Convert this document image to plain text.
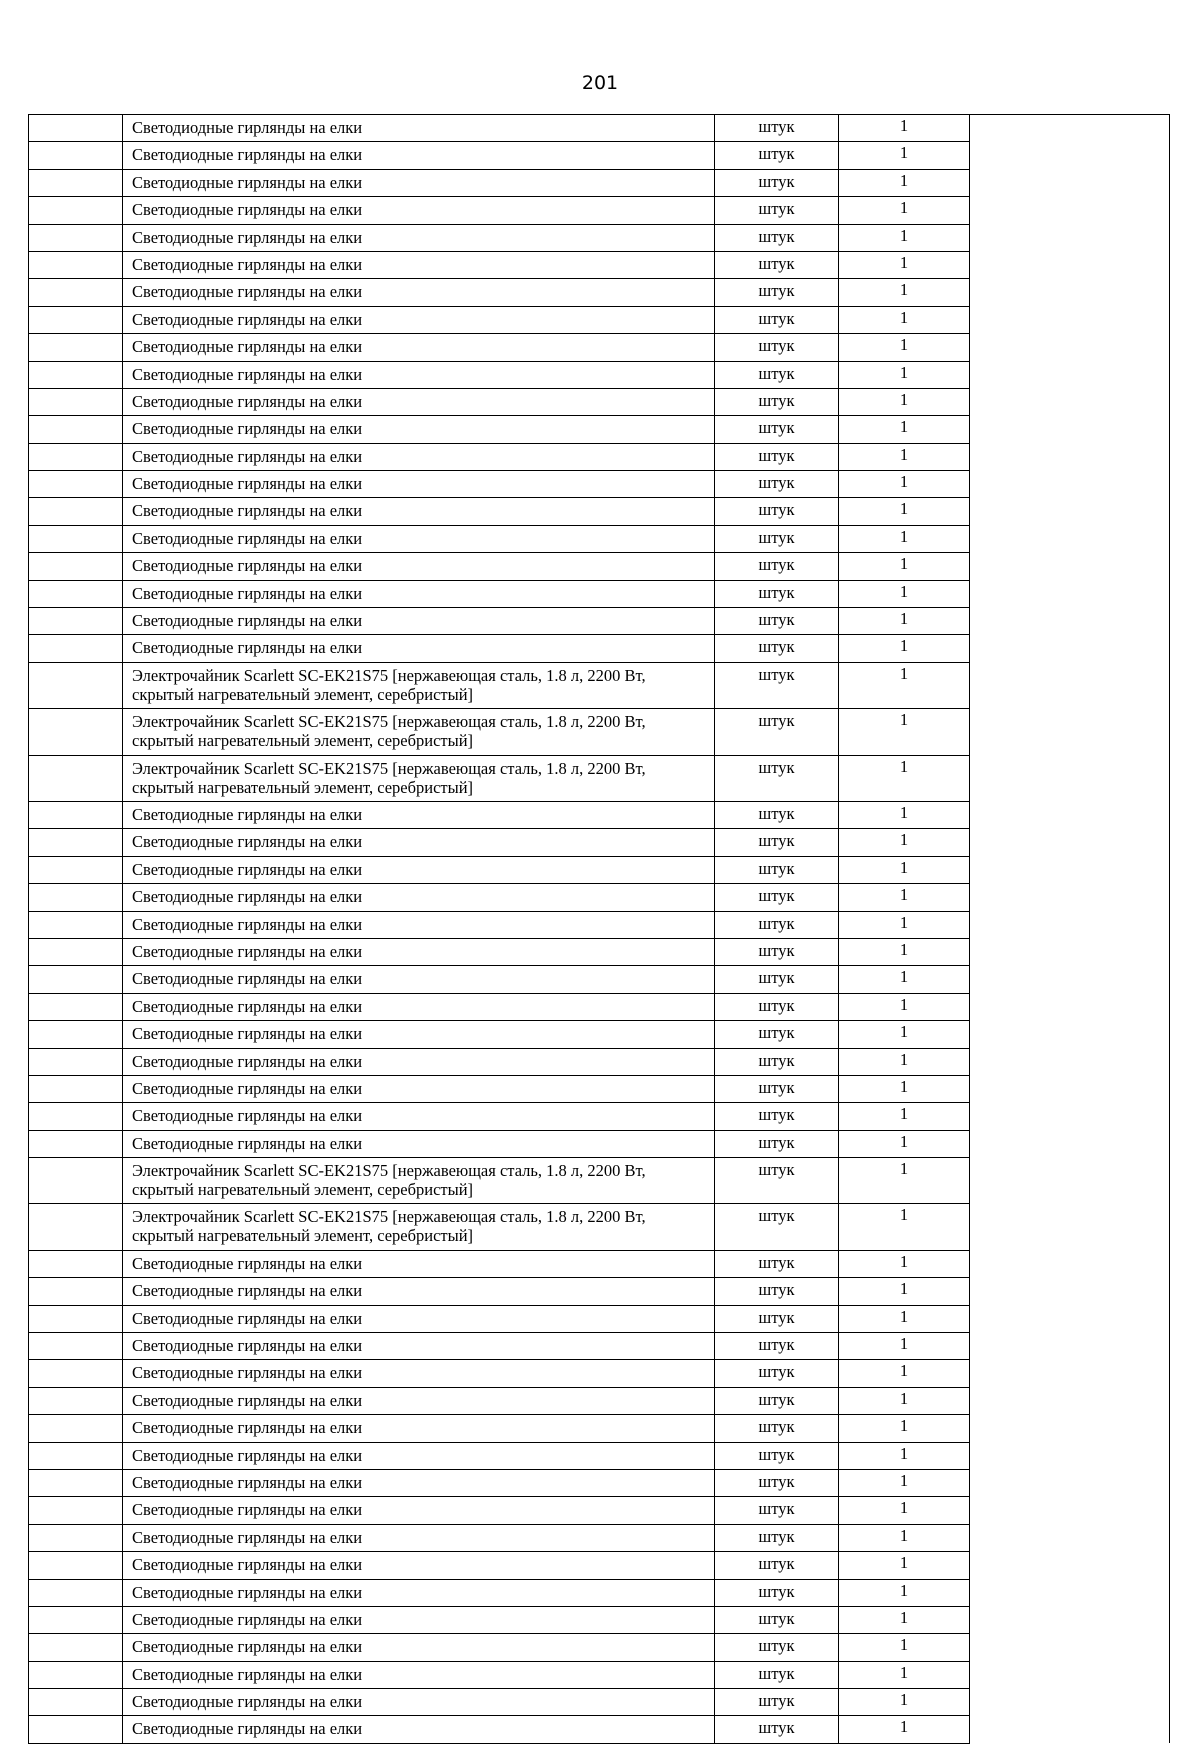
201
	Светодиодные гирлянды на елки	штук	1	
	Светодиодные гирлянды на елки	штук	1	
	Светодиодные гирлянды на елки	штук	1	
	Светодиодные гирлянды на елки	штук	1	
	Светодиодные гирлянды на елки	штук	1	
	Светодиодные гирлянды на елки	штук	1	
	Светодиодные гирлянды на елки	штук	1	
	Светодиодные гирлянды на елки	штук	1	
	Светодиодные гирлянды на елки	штук	1	
	Светодиодные гирлянды на елки	штук	1	
	Светодиодные гирлянды на елки	штук	1	
	Светодиодные гирлянды на елки	штук	1	
	Светодиодные гирлянды на елки	штук	1	
	Светодиодные гирлянды на елки	штук	1	
	Светодиодные гирлянды на елки	штук	1	
	Светодиодные гирлянды на елки	штук	1	
	Светодиодные гирлянды на елки	штук	1	
	Светодиодные гирлянды на елки	штук	1	
	Светодиодные гирлянды на елки	штук	1	
	Светодиодные гирлянды на елки	штук	1	
	Электрочайник Scarlett SC-EK21S75 [нержавеющая сталь, 1.8 л, 2200 Вт, скрытый нагревательный элемент, серебристый]	штук	1	
	Электрочайник Scarlett SC-EK21S75 [нержавеющая сталь, 1.8 л, 2200 Вт, скрытый нагревательный элемент, серебристый]	штук	1	
	Электрочайник Scarlett SC-EK21S75 [нержавеющая сталь, 1.8 л, 2200 Вт, скрытый нагревательный элемент, серебристый]	штук	1	
	Светодиодные гирлянды на елки	штук	1	
	Светодиодные гирлянды на елки	штук	1	
	Светодиодные гирлянды на елки	штук	1	
	Светодиодные гирлянды на елки	штук	1	
	Светодиодные гирлянды на елки	штук	1	
	Светодиодные гирлянды на елки	штук	1	
	Светодиодные гирлянды на елки	штук	1	
	Светодиодные гирлянды на елки	штук	1	
	Светодиодные гирлянды на елки	штук	1	
	Светодиодные гирлянды на елки	штук	1	
	Светодиодные гирлянды на елки	штук	1	
	Светодиодные гирлянды на елки	штук	1	
	Светодиодные гирлянды на елки	штук	1	
	Электрочайник Scarlett SC-EK21S75 [нержавеющая сталь, 1.8 л, 2200 Вт, скрытый нагревательный элемент, серебристый]	штук	1	
	Электрочайник Scarlett SC-EK21S75 [нержавеющая сталь, 1.8 л, 2200 Вт, скрытый нагревательный элемент, серебристый]	штук	1	
	Светодиодные гирлянды на елки	штук	1	
	Светодиодные гирлянды на елки	штук	1	
	Светодиодные гирлянды на елки	штук	1	
	Светодиодные гирлянды на елки	штук	1	
	Светодиодные гирлянды на елки	штук	1	
	Светодиодные гирлянды на елки	штук	1	
	Светодиодные гирлянды на елки	штук	1	
	Светодиодные гирлянды на елки	штук	1	
	Светодиодные гирлянды на елки	штук	1	
	Светодиодные гирлянды на елки	штук	1	
	Светодиодные гирлянды на елки	штук	1	
	Светодиодные гирлянды на елки	штук	1	
	Светодиодные гирлянды на елки	штук	1	
	Светодиодные гирлянды на елки	штук	1	
	Светодиодные гирлянды на елки	штук	1	
	Светодиодные гирлянды на елки	штук	1	
	Светодиодные гирлянды на елки	штук	1	
	Светодиодные гирлянды на елки	штук	1	
